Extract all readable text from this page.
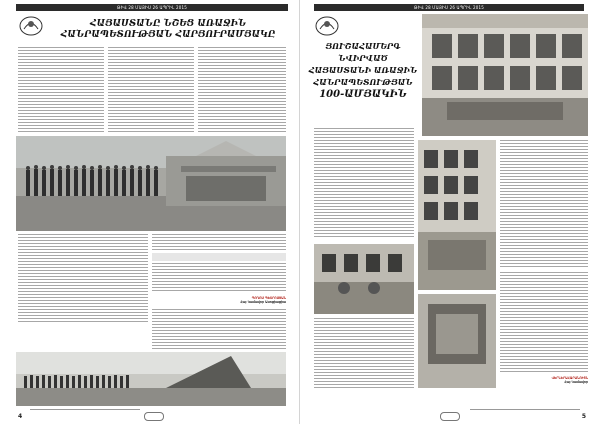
ԹԻՎ 28 ՄԱՅԻՍ 26 ԱՊՐԻԼ 2015
ՀԱՅԱՍՏԱՆԸ ՆՇԵՑ ԱՌԱՋԻՆ
ՀԱՆՐԱՊԵՏՈՒԹՅԱՆ ՀԱՐՅՈՒՐԱՄՅԱԿԸ
ՊՈՂՈՍ ՊԵՏՐՈՍՅԱՆ
Հայ Կամավոր Ասոցիացիա
4
ԹԻՎ 28 ՄԱՅԻՍ 26 ԱՊՐԻԼ 2015
ՅՈՒՇԱՀԱՄԵՐԳ
ՆՎԻՐՎԱԾ
ՀԱՅԱՍՏԱՆԻ ԱՌԱՋԻՆ
ՀԱՆՐԱՊԵՏՈՒԹՅԱՆ
100-ԱՄՅԱԿԻՆ
ՎԵՐՆԵՐԱՀԱՐԱՆՈՒՅՆ
Հայ Կամավոր
5
